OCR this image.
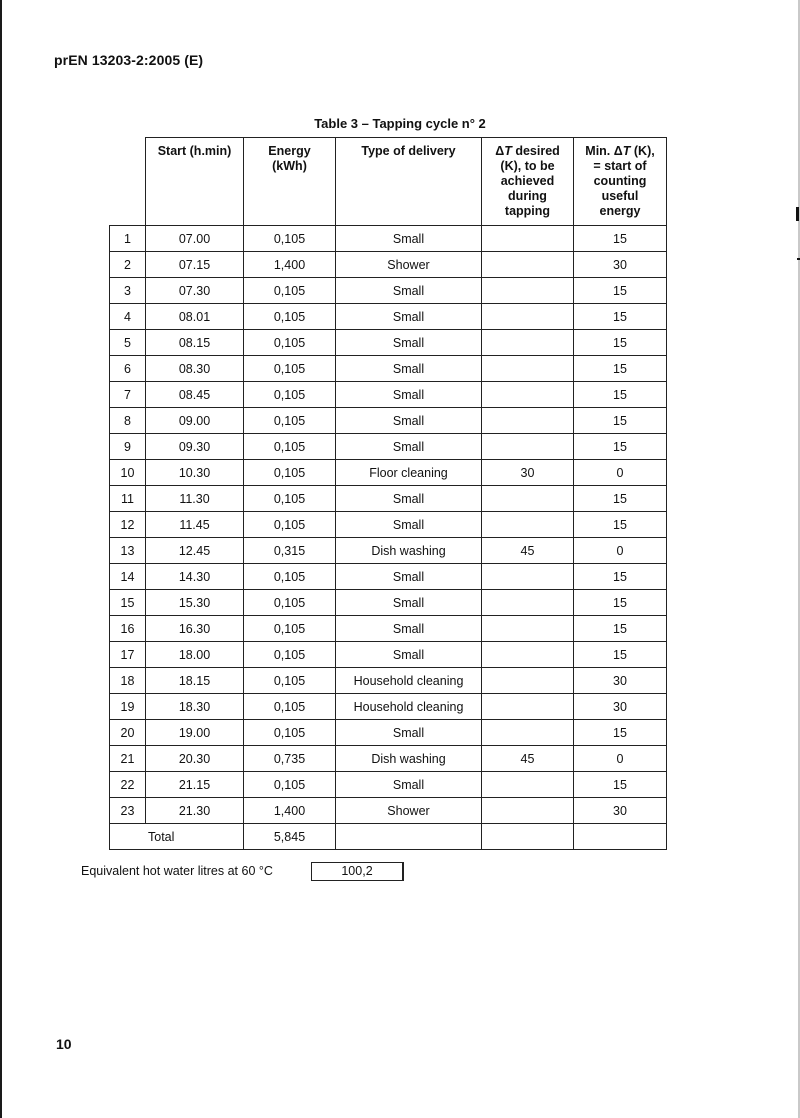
prEN 13203-2:2005 (E)
Table 3 – Tapping cycle n° 2
	Start (h.min)	Energy
(kWh)	Type of delivery	ΔT desired
(K), to be
achieved
during
tapping	Min. ΔT (K),
= start of
counting
useful
energy
1	07.00	0,105	Small		15
2	07.15	1,400	Shower		30
3	07.30	0,105	Small		15
4	08.01	0,105	Small		15
5	08.15	0,105	Small		15
6	08.30	0,105	Small		15
7	08.45	0,105	Small		15
8	09.00	0,105	Small		15
9	09.30	0,105	Small		15
10	10.30	0,105	Floor cleaning	30	0
11	11.30	0,105	Small		15
12	11.45	0,105	Small		15
13	12.45	0,315	Dish washing	45	0
14	14.30	0,105	Small		15
15	15.30	0,105	Small		15
16	16.30	0,105	Small		15
17	18.00	0,105	Small		15
18	18.15	0,105	Household cleaning		30
19	18.30	0,105	Household cleaning		30
20	19.00	0,105	Small		15
21	20.30	0,735	Dish washing	45	0
22	21.15	0,105	Small		15
23	21.30	1,400	Shower		30
Total		5,845			
Equivalent hot water litres at 60 °C	100,2
10
